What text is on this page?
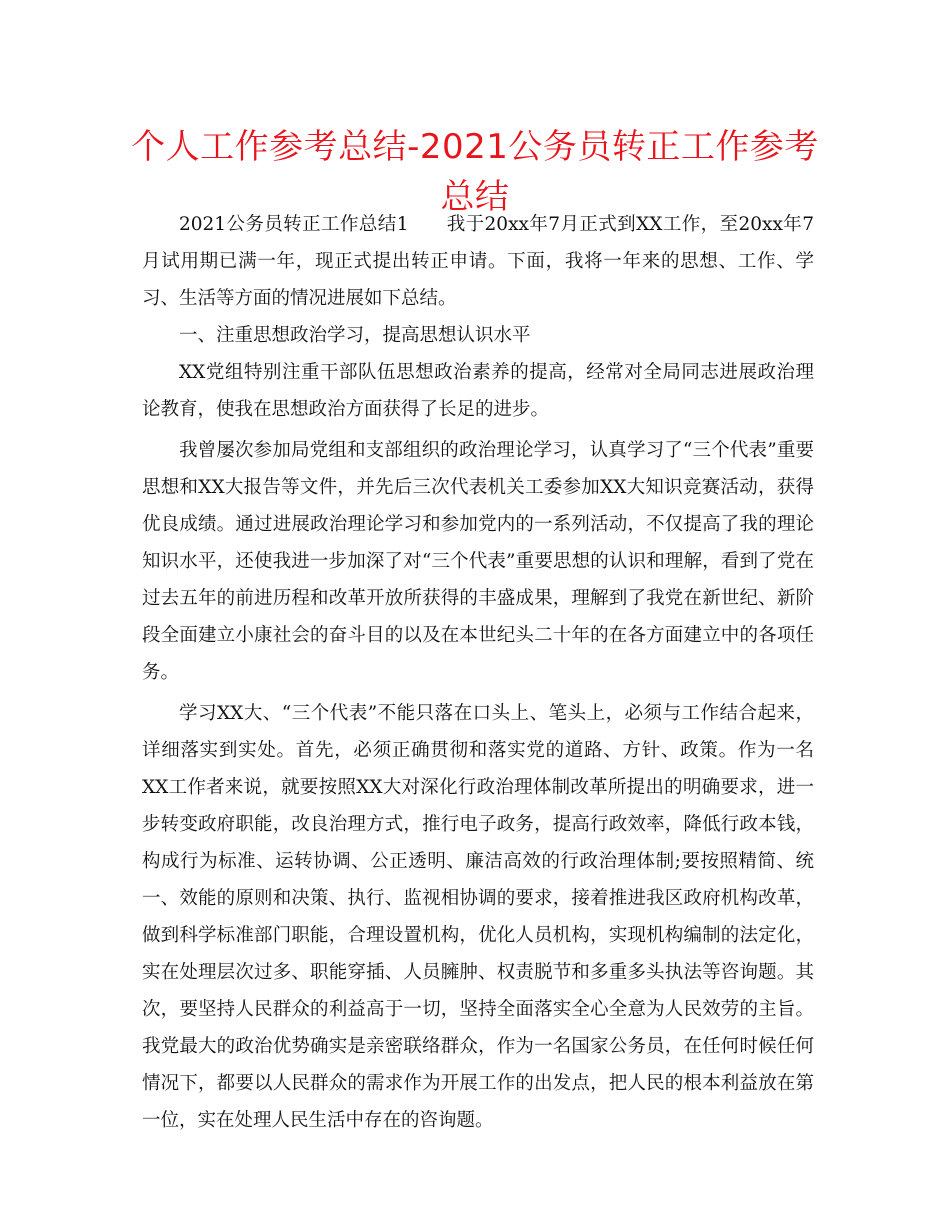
个人工作参考总结-2021公务员转正工作参考总结

2021公务员转正工作总结1　　我于20xx年7月正式到XX工作，至20xx年7月试用期已满一年，现正式提出转正申请。下面，我将一年来的思想、工作、学习、生活等方面的情况进展如下总结。

一、注重思想政治学习，提高思想认识水平

XX党组特别注重干部队伍思想政治素养的提高，经常对全局同志进展政治理论教育，使我在思想政治方面获得了长足的进步。

我曾屡次参加局党组和支部组织的政治理论学习，认真学习了“三个代表”重要思想和XX大报告等文件，并先后三次代表机关工委参加XX大知识竞赛活动，获得优良成绩。通过进展政治理论学习和参加党内的一系列活动，不仅提高了我的理论知识水平，还使我进一步加深了对“三个代表”重要思想的认识和理解，看到了党在过去五年的前进历程和改革开放所获得的丰盛成果，理解到了我党在新世纪、新阶段全面建立小康社会的奋斗目的以及在本世纪头二十年的在各方面建立中的各项任务。

学习XX大、“三个代表”不能只落在口头上、笔头上，必须与工作结合起来，详细落实到实处。首先，必须正确贯彻和落实党的道路、方针、政策。作为一名XX工作者来说，就要按照XX大对深化行政治理体制改革所提出的明确要求，进一步转变政府职能，改良治理方式，推行电子政务，提高行政效率，降低行政本钱，构成行为标准、运转协调、公正透明、廉洁高效的行政治理体制;要按照精简、统一、效能的原则和决策、执行、监视相协调的要求，接着推进我区政府机构改革，做到科学标准部门职能，合理设置机构，优化人员机构，实现机构编制的法定化，实在处理层次过多、职能穿插、人员臃肿、权责脱节和多重多头执法等咨询题。其次，要坚持人民群众的利益高于一切，坚持全面落实全心全意为人民效劳的主旨。我党最大的政治优势确实是亲密联络群众，作为一名国家公务员，在任何时候任何情况下，都要以人民群众的需求作为开展工作的出发点，把人民的根本利益放在第一位，实在处理人民生活中存在的咨询题。
